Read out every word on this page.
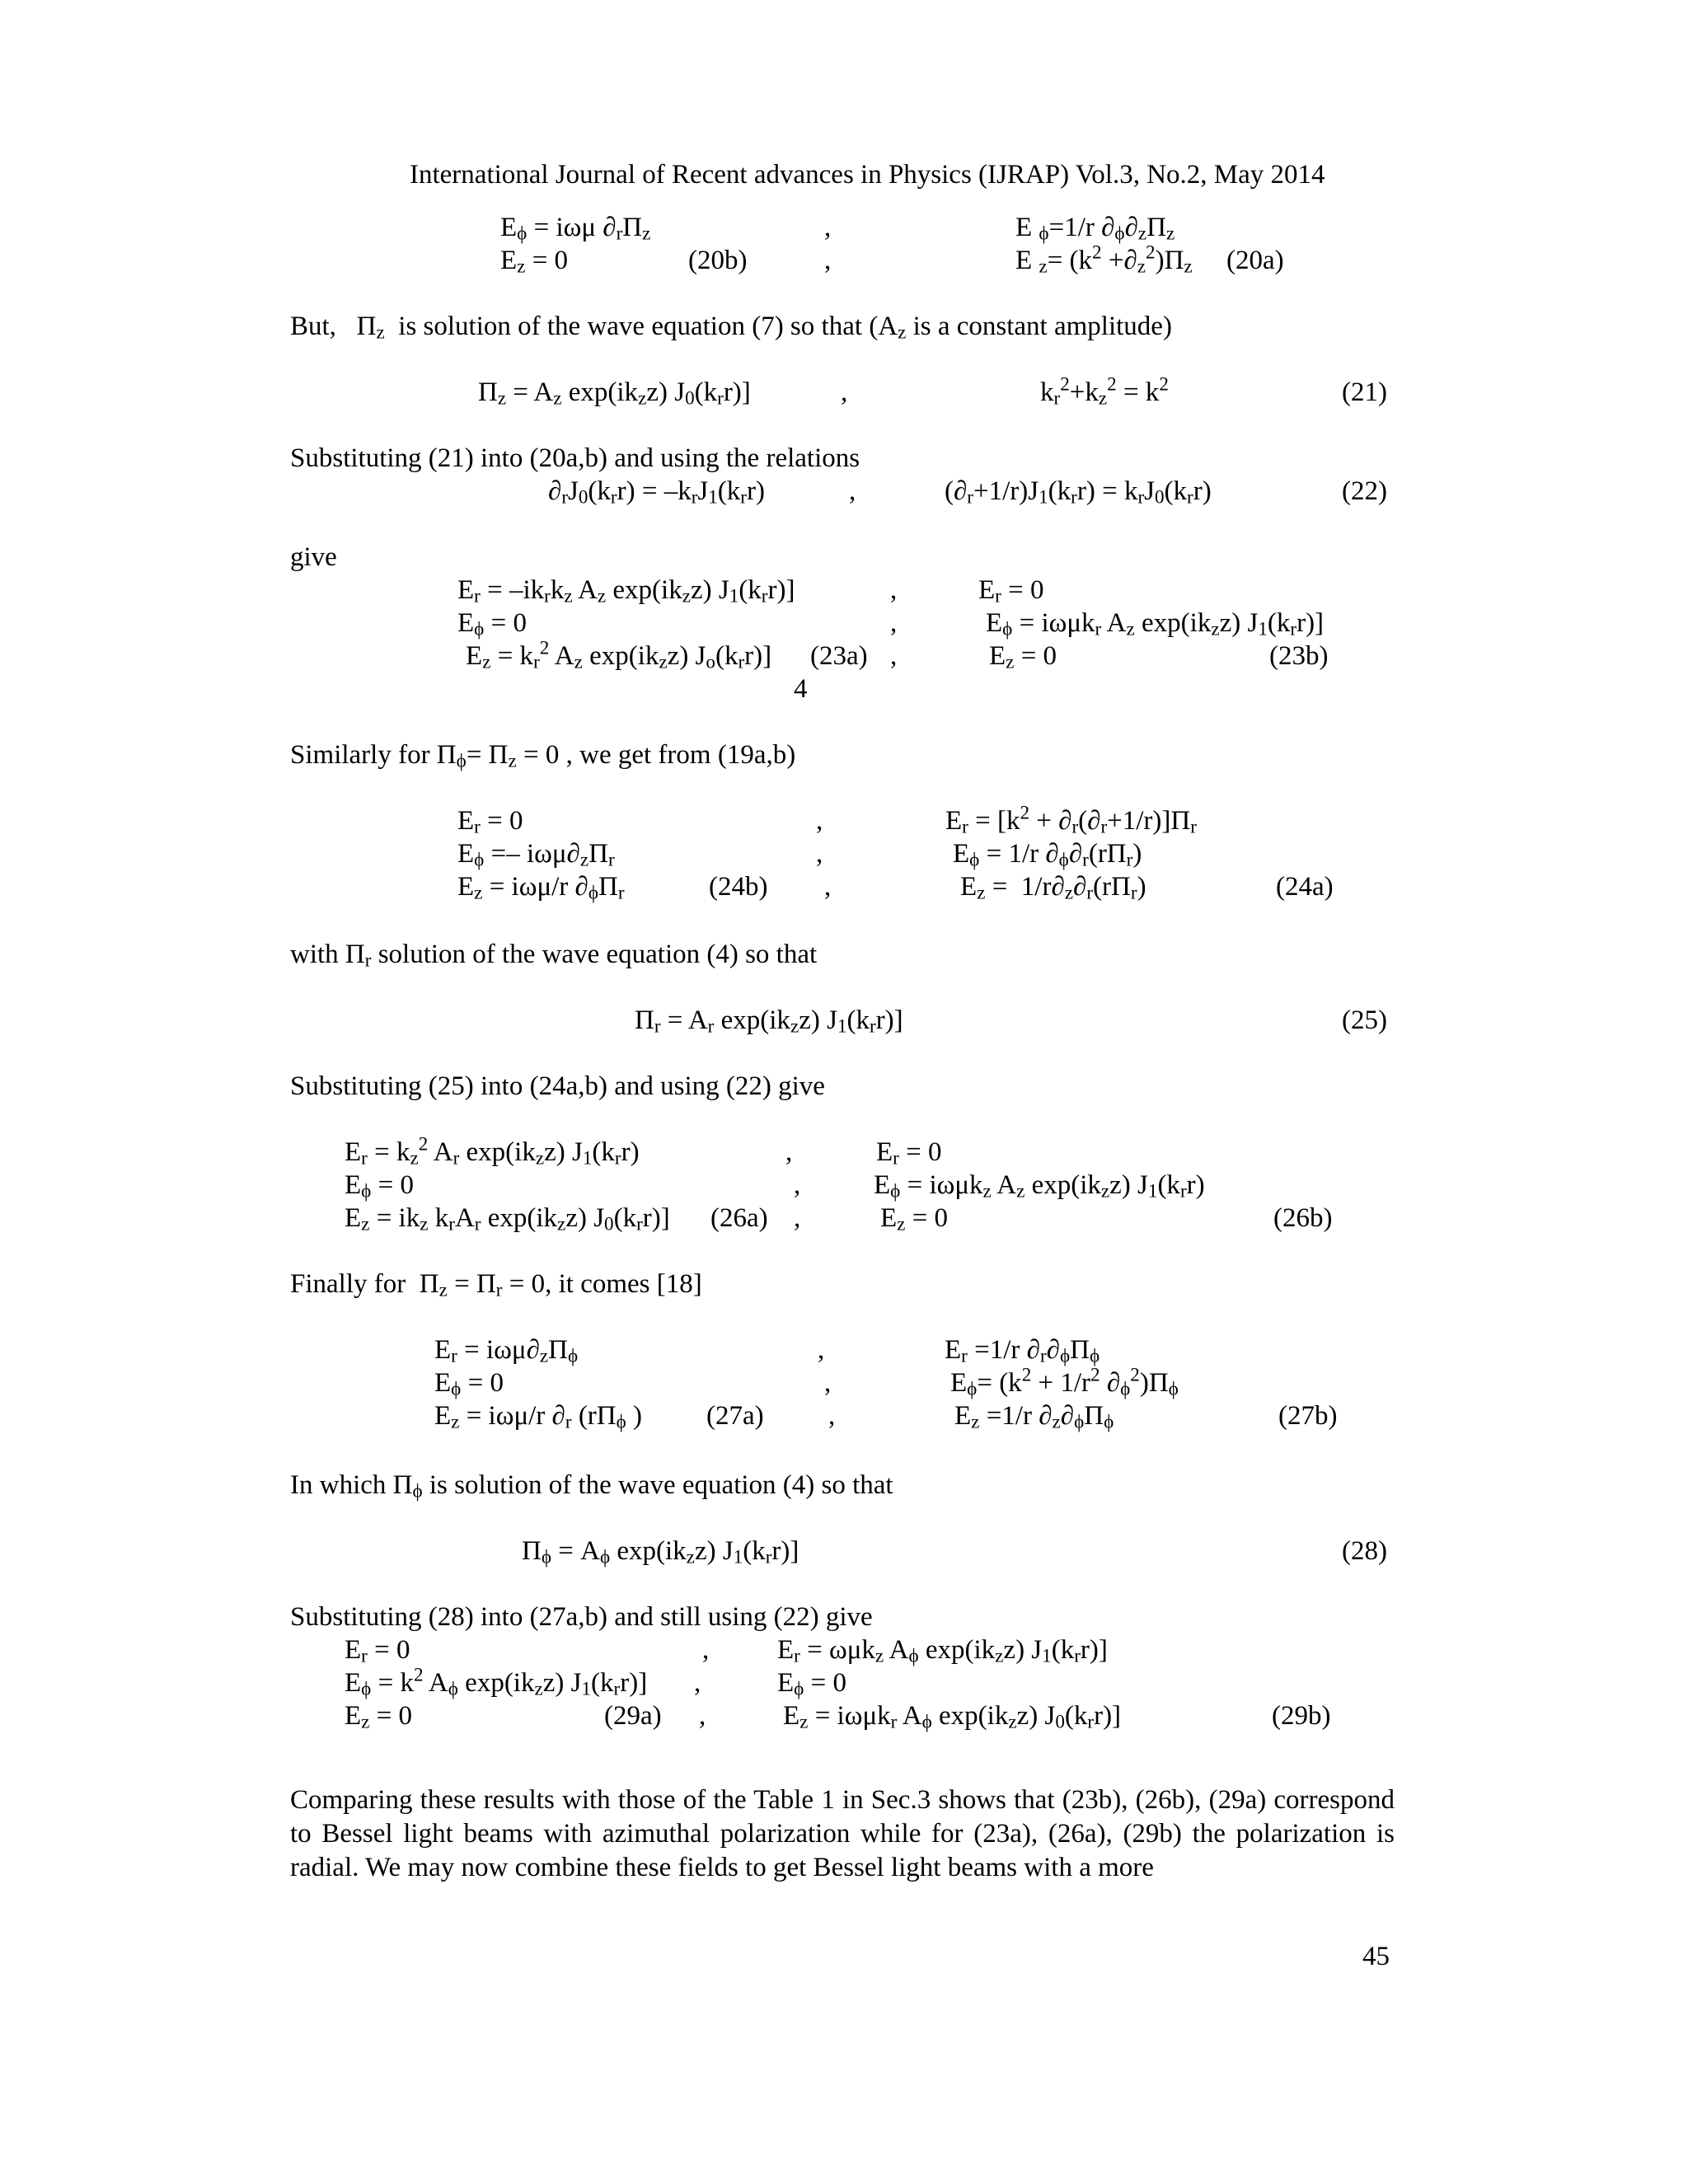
International Journal of Recent advances in Physics (IJRAP) Vol.3, No.2, May 2014
$E_\phi = i\omega\mu$ $\partial_r\Pi_z$	,	E $_\phi$=1/r $\partial_\phi\partial_z\Pi_z$
$E_z = 0$	(20b)	,	E $_z= (k^2 +\partial_z^2)\Pi_z$ (20a)
But,   $\Pi_z$  is solution of the wave equation (7) so that ($A_z$ is a constant amplitude)
$\Pi_z = A_z$ $\exp(ik_zz)$ $J_0(k_rr)$]	,	$k_r^2+k_z^2 = k^2$	(21)
Substituting (21) into (20a,b) and using the relations
$\partial_rJ_0(k_rr) = -k_rJ_1(k_rr)$	,	$(\partial_r+1/r)J_1(k_rr) = k_rJ_0(k_rr)$	(22)
give
$E_r = -ik_rk_z$ $A_z$ $\exp(ik_zz)$ $J_1(k_rr)$]	,	$E_r = 0$
$E_\phi = 0$	,	$E_\phi = i\omega\mu k_r$ $A_z$ $\exp(ik_zz)$ $J_1(k_rr)$]
$E_z = k_r^2$ $A_z$ $\exp(ik_zz)$ $J_o(k_rr)$] (23a) ,	$E_z = 0$	(23b)
4
Similarly for $\Pi_\phi= \Pi_z = 0$ , we get from (19a,b)
$E_r = 0$	,	$E_r = [k^2 + \partial_r(\partial_r+1/r)]\Pi_r$
$E_\phi =- i\omega\mu\partial_z\Pi_r$	,	$E_\phi = 1/r$ $\partial_\phi\partial_r(r\Pi_r)$
$E_z = i\omega\mu/r$ $\partial_\phi\Pi_r$	(24b) ,	$E_z = 1/r\partial_z\partial_r(r\Pi_r)$	(24a)
with $\Pi_r$ solution of the wave equation (4) so that
$\Pi_r = A_r$ $\exp(ik_zz)$ $J_1(k_rr)$]	(25)
Substituting (25) into (24a,b) and using (22) give
$E_r = k_z^2$ $A_r$ $\exp(ik_zz)$ $J_1(k_rr)$	,	$E_r = 0$
$E_\phi = 0$	,	$E_\phi = i\omega\mu k_z$ $A_z$ $\exp(ik_zz)$ $J_1(k_rr)$
$E_z = ik_z$ $k_rA_r$ $\exp(ik_zz)$ $J_0(k_rr)$] (26a) ,	$E_z = 0$	(26b)
Finally for  $\Pi_z = \Pi_r = 0$, it comes [18]
$E_r = i\omega\mu\partial_z\Pi_\phi$	,	$E_r =1/r$ $\partial_r\partial_\phi\Pi_\phi$
$E_\phi = 0$	,	$E_\phi= (k^2 + 1/r^2$ $\partial_\phi^2)\Pi_\phi$
$E_z = i\omega\mu/r$ $\partial_r$ ($r\Pi_\phi$ ) (27a) ,	$E_z =1/r$ $\partial_z\partial_\phi\Pi_\phi$	(27b)
In which $\Pi_\phi$ is solution of the wave equation (4) so that
$\Pi_\phi = A_\phi$ $\exp(ik_zz)$ $J_1(k_rr)$]	(28)
Substituting (28) into (27a,b) and still using (22) give
$E_r = 0$	,	$E_r = \omega\mu k_z$ $A_\phi$ $\exp(ik_zz)$ $J_1(k_rr)$]
$E_\phi = k^2$ $A_\phi$ $\exp(ik_zz)$ $J_1(k_rr)$] ,	$E_\phi = 0$
$E_z = 0$	(29a) ,	$E_z = i\omega\mu k_r$ $A_\phi$ $\exp(ik_zz)$ $J_0(k_rr)$]	(29b)
Comparing these results with those of the Table 1 in Sec.3 shows that (23b), (26b), (29a) correspond to Bessel light beams with azimuthal polarization while for (23a), (26a), (29b) the polarization is radial. We may now combine these fields to get Bessel light beams with a more
45
